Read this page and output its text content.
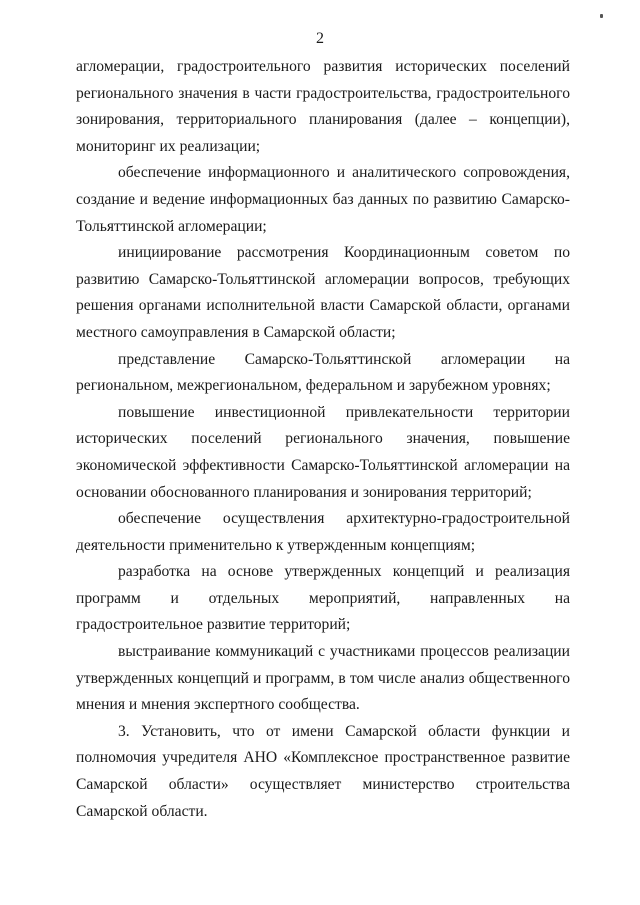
2

агломерации, градостроительного развития исторических поселений регионального значения в части градостроительства, градостроительного зонирования, территориального планирования (далее – концепции), мониторинг их реализации;

обеспечение информационного и аналитического сопровождения, создание и ведение информационных баз данных по развитию Самарско-Тольяттинской агломерации;

инициирование рассмотрения Координационным советом по развитию Самарско-Тольяттинской агломерации вопросов, требующих решения органами исполнительной власти Самарской области, органами местного самоуправления в Самарской области;

представление Самарско-Тольяттинской агломерации на региональном, межрегиональном, федеральном и зарубежном уровнях;

повышение инвестиционной привлекательности территории исторических поселений регионального значения, повышение экономической эффективности Самарско-Тольяттинской агломерации на основании обоснованного планирования и зонирования территорий;

обеспечение осуществления архитектурно-градостроительной деятельности применительно к утвержденным концепциям;

разработка на основе утвержденных концепций и реализация программ и отдельных мероприятий, направленных на градостроительное развитие территорий;

выстраивание коммуникаций с участниками процессов реализации утвержденных концепций и программ, в том числе анализ общественного мнения и мнения экспертного сообщества.

3. Установить, что от имени Самарской области функции и полномочия учредителя АНО «Комплексное пространственное развитие Самарской области» осуществляет министерство строительства Самарской области.
